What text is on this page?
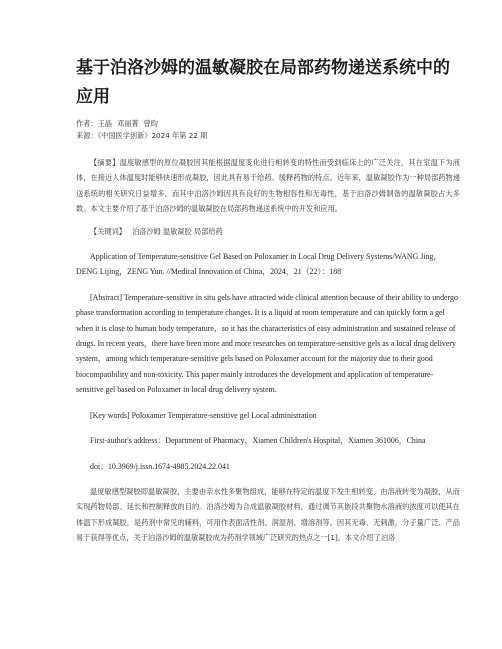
基于泊洛沙姆的温敏凝胶在局部药物递送系统中的应用

作者：王晶 邓丽菁 曾昀

来源：《中国医学创新》2024 年第 22 期

【摘要】温度敏感型的原位凝胶因其能根据温度变化进行相转变的特性而受到临床上的广泛关注，其在室温下为液体，在接近人体温度时能够快速形成凝胶，因此具有易于给药、缓释药物的特点。近年来，温敏凝胶作为一种局部药物递送系统的相关研究日益增多，而其中泊洛沙姆因具有良好的生物相容性和无毒性，基于泊洛沙姆制备的温敏凝胶占大多数。本文主要介绍了基于泊洛沙姆的温敏凝胶在局部药物递送系统中的开发和应用。

【关键词】 泊洛沙姆 温敏凝胶 局部给药

Application of Temperature-sensitive Gel Based on Poloxamer in Local Drug Delivery Systems/WANG Jing，DENG Lijing，ZENG Yun. //Medical Innovation of China，2024，21（22）：188

[Abstract] Temperature-sensitive in situ gels have attracted wide clinical attention because of their ability to undergo phase transformation according to temperature changes. It is a liquid at room temperature and can quickly form a gel when it is close to human body temperature，so it has the characteristics of easy administration and sustained release of drugs. In recent years，there have been more and more researches on temperature-sensitive gels as a local drug delivery system，among which temperature-sensitive gels based on Poloxamer account for the majority due to their good biocompatibility and non-toxicity. This paper mainly introduces the development and application of temperature-sensitive gel based on Poloxamer in local drug delivery system.

[Key words] Poloxamer Temperature-sensitive gel Local administration

First-author's address：Department of Pharmacy，Xiamen Children's Hospital，Xiamen 361006，China

doi：10.3969/j.issn.1674-4985.2024.22.041

温度敏感型凝胶即温敏凝胶，主要由亲水性多聚物组成，能够在特定的温度下发生相转变，由溶液转变为凝胶，从而实现药物局部、延长和控制释放的目的。泊洛沙姆为合成温敏凝胶材料，通过调节其嵌段共聚物水溶液的浓度可以使其在体温下形成凝胶，是药剂中常见的辅料，可用作表面活性剂、润湿剂、增溶剂等。因其无毒、无刺激，分子量广泛、产品易于获得等优点，关于泊洛沙姆的温敏凝胶成为药剂学领域广泛研究的热点之一[1]。本文介绍了泊洛
